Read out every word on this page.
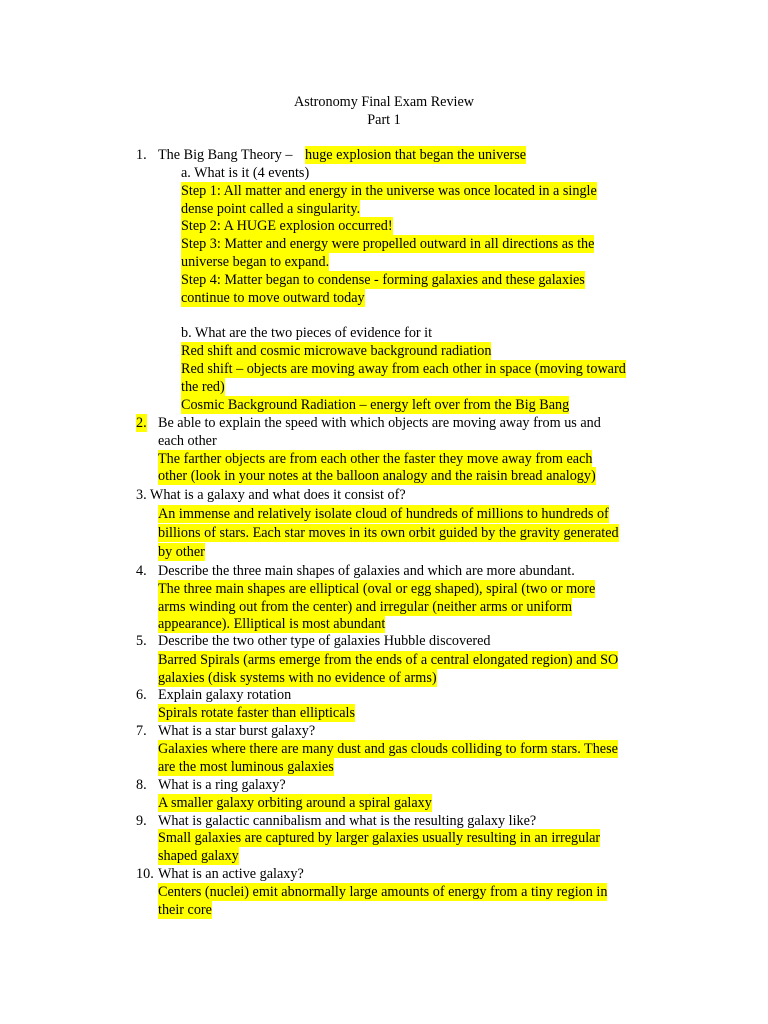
Astronomy Final Exam Review
Part 1
1. The Big Bang Theory – huge explosion that began the universe
a. What is it (4 events)
Step 1: All matter and energy in the universe was once located in a single
dense point called a singularity.
Step 2: A HUGE explosion occurred!
Step 3: Matter and energy were propelled outward in all directions as the
universe began to expand.
Step 4: Matter began to condense - forming galaxies and these galaxies
continue to move outward today
b. What are the two pieces of evidence for it
Red shift and cosmic microwave background radiation
Red shift – objects are moving away from each other in space (moving toward
the red)
Cosmic Background Radiation – energy left over from the Big Bang
2. Be able to explain the speed with which objects are moving away from us and
each other
The farther objects are from each other the faster they move away from each
other (look in your notes at the balloon analogy and the raisin bread analogy)
3. What is a galaxy and what does it consist of?
An immense and relatively isolate cloud of hundreds of millions to hundreds of
billions of stars. Each star moves in its own orbit guided by the gravity generated
by other
4. Describe the three main shapes of galaxies and which are more abundant.
The three main shapes are elliptical (oval or egg shaped), spiral (two or more
arms winding out from the center) and irregular (neither arms or uniform
appearance). Elliptical is most abundant
5. Describe the two other type of galaxies Hubble discovered
Barred Spirals (arms emerge from the ends of a central elongated region) and SO
galaxies (disk systems with no evidence of arms)
6. Explain galaxy rotation
Spirals rotate faster than ellipticals
7. What is a star burst galaxy?
Galaxies where there are many dust and gas clouds colliding to form stars. These
are the most luminous galaxies
8. What is a ring galaxy?
A smaller galaxy orbiting around a spiral galaxy
9. What is galactic cannibalism and what is the resulting galaxy like?
Small galaxies are captured by larger galaxies usually resulting in an irregular
shaped galaxy
10. What is an active galaxy?
Centers (nuclei) emit abnormally large amounts of energy from a tiny region in
their core
